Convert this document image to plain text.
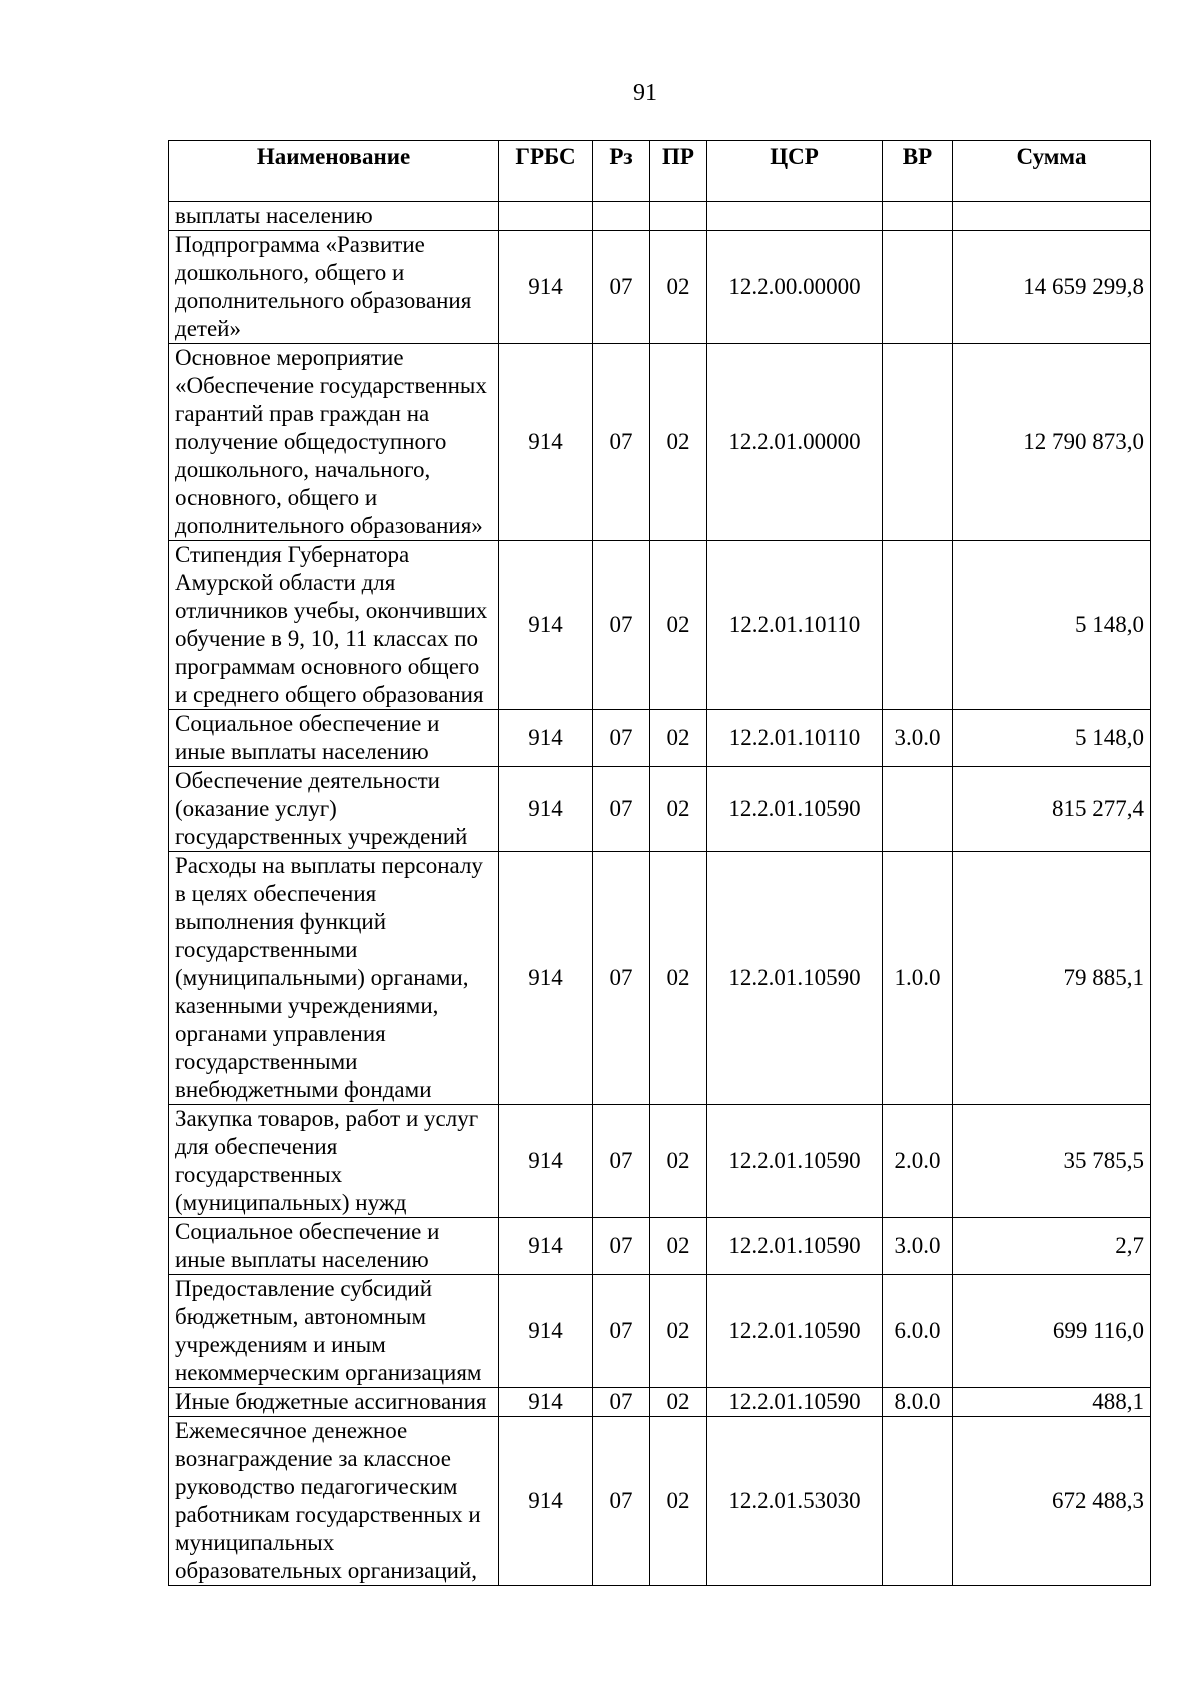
91
Наименование	ГРБС	Рз	ПР	ЦСР	ВР	Сумма
выплаты населению						
Подпрограмма «Развитие дошкольного, общего и дополнительного образования детей»	914	07	02	12.2.00.00000		14 659 299,8
Основное мероприятие «Обеспечение государственных гарантий прав граждан на получение общедоступного дошкольного, начального, основного, общего и дополнительного образования»	914	07	02	12.2.01.00000		12 790 873,0
Стипендия Губернатора Амурской области для отличников учебы, окончивших обучение в 9, 10, 11 классах по программам основного общего и среднего общего образования	914	07	02	12.2.01.10110		5 148,0
Социальное обеспечение и иные выплаты населению	914	07	02	12.2.01.10110	3.0.0	5 148,0
Обеспечение деятельности (оказание услуг) государственных учреждений	914	07	02	12.2.01.10590		815 277,4
Расходы на выплаты персоналу в целях обеспечения выполнения функций государственными (муниципальными) органами, казенными учреждениями, органами управления государственными внебюджетными фондами	914	07	02	12.2.01.10590	1.0.0	79 885,1
Закупка товаров, работ и услуг для обеспечения государственных (муниципальных) нужд	914	07	02	12.2.01.10590	2.0.0	35 785,5
Социальное обеспечение и иные выплаты населению	914	07	02	12.2.01.10590	3.0.0	2,7
Предоставление субсидий бюджетным, автономным учреждениям и иным некоммерческим организациям	914	07	02	12.2.01.10590	6.0.0	699 116,0
Иные бюджетные ассигнования	914	07	02	12.2.01.10590	8.0.0	488,1
Ежемесячное денежное вознаграждение за классное руководство педагогическим работникам государственных и муниципальных образовательных организаций,	914	07	02	12.2.01.53030		672 488,3
